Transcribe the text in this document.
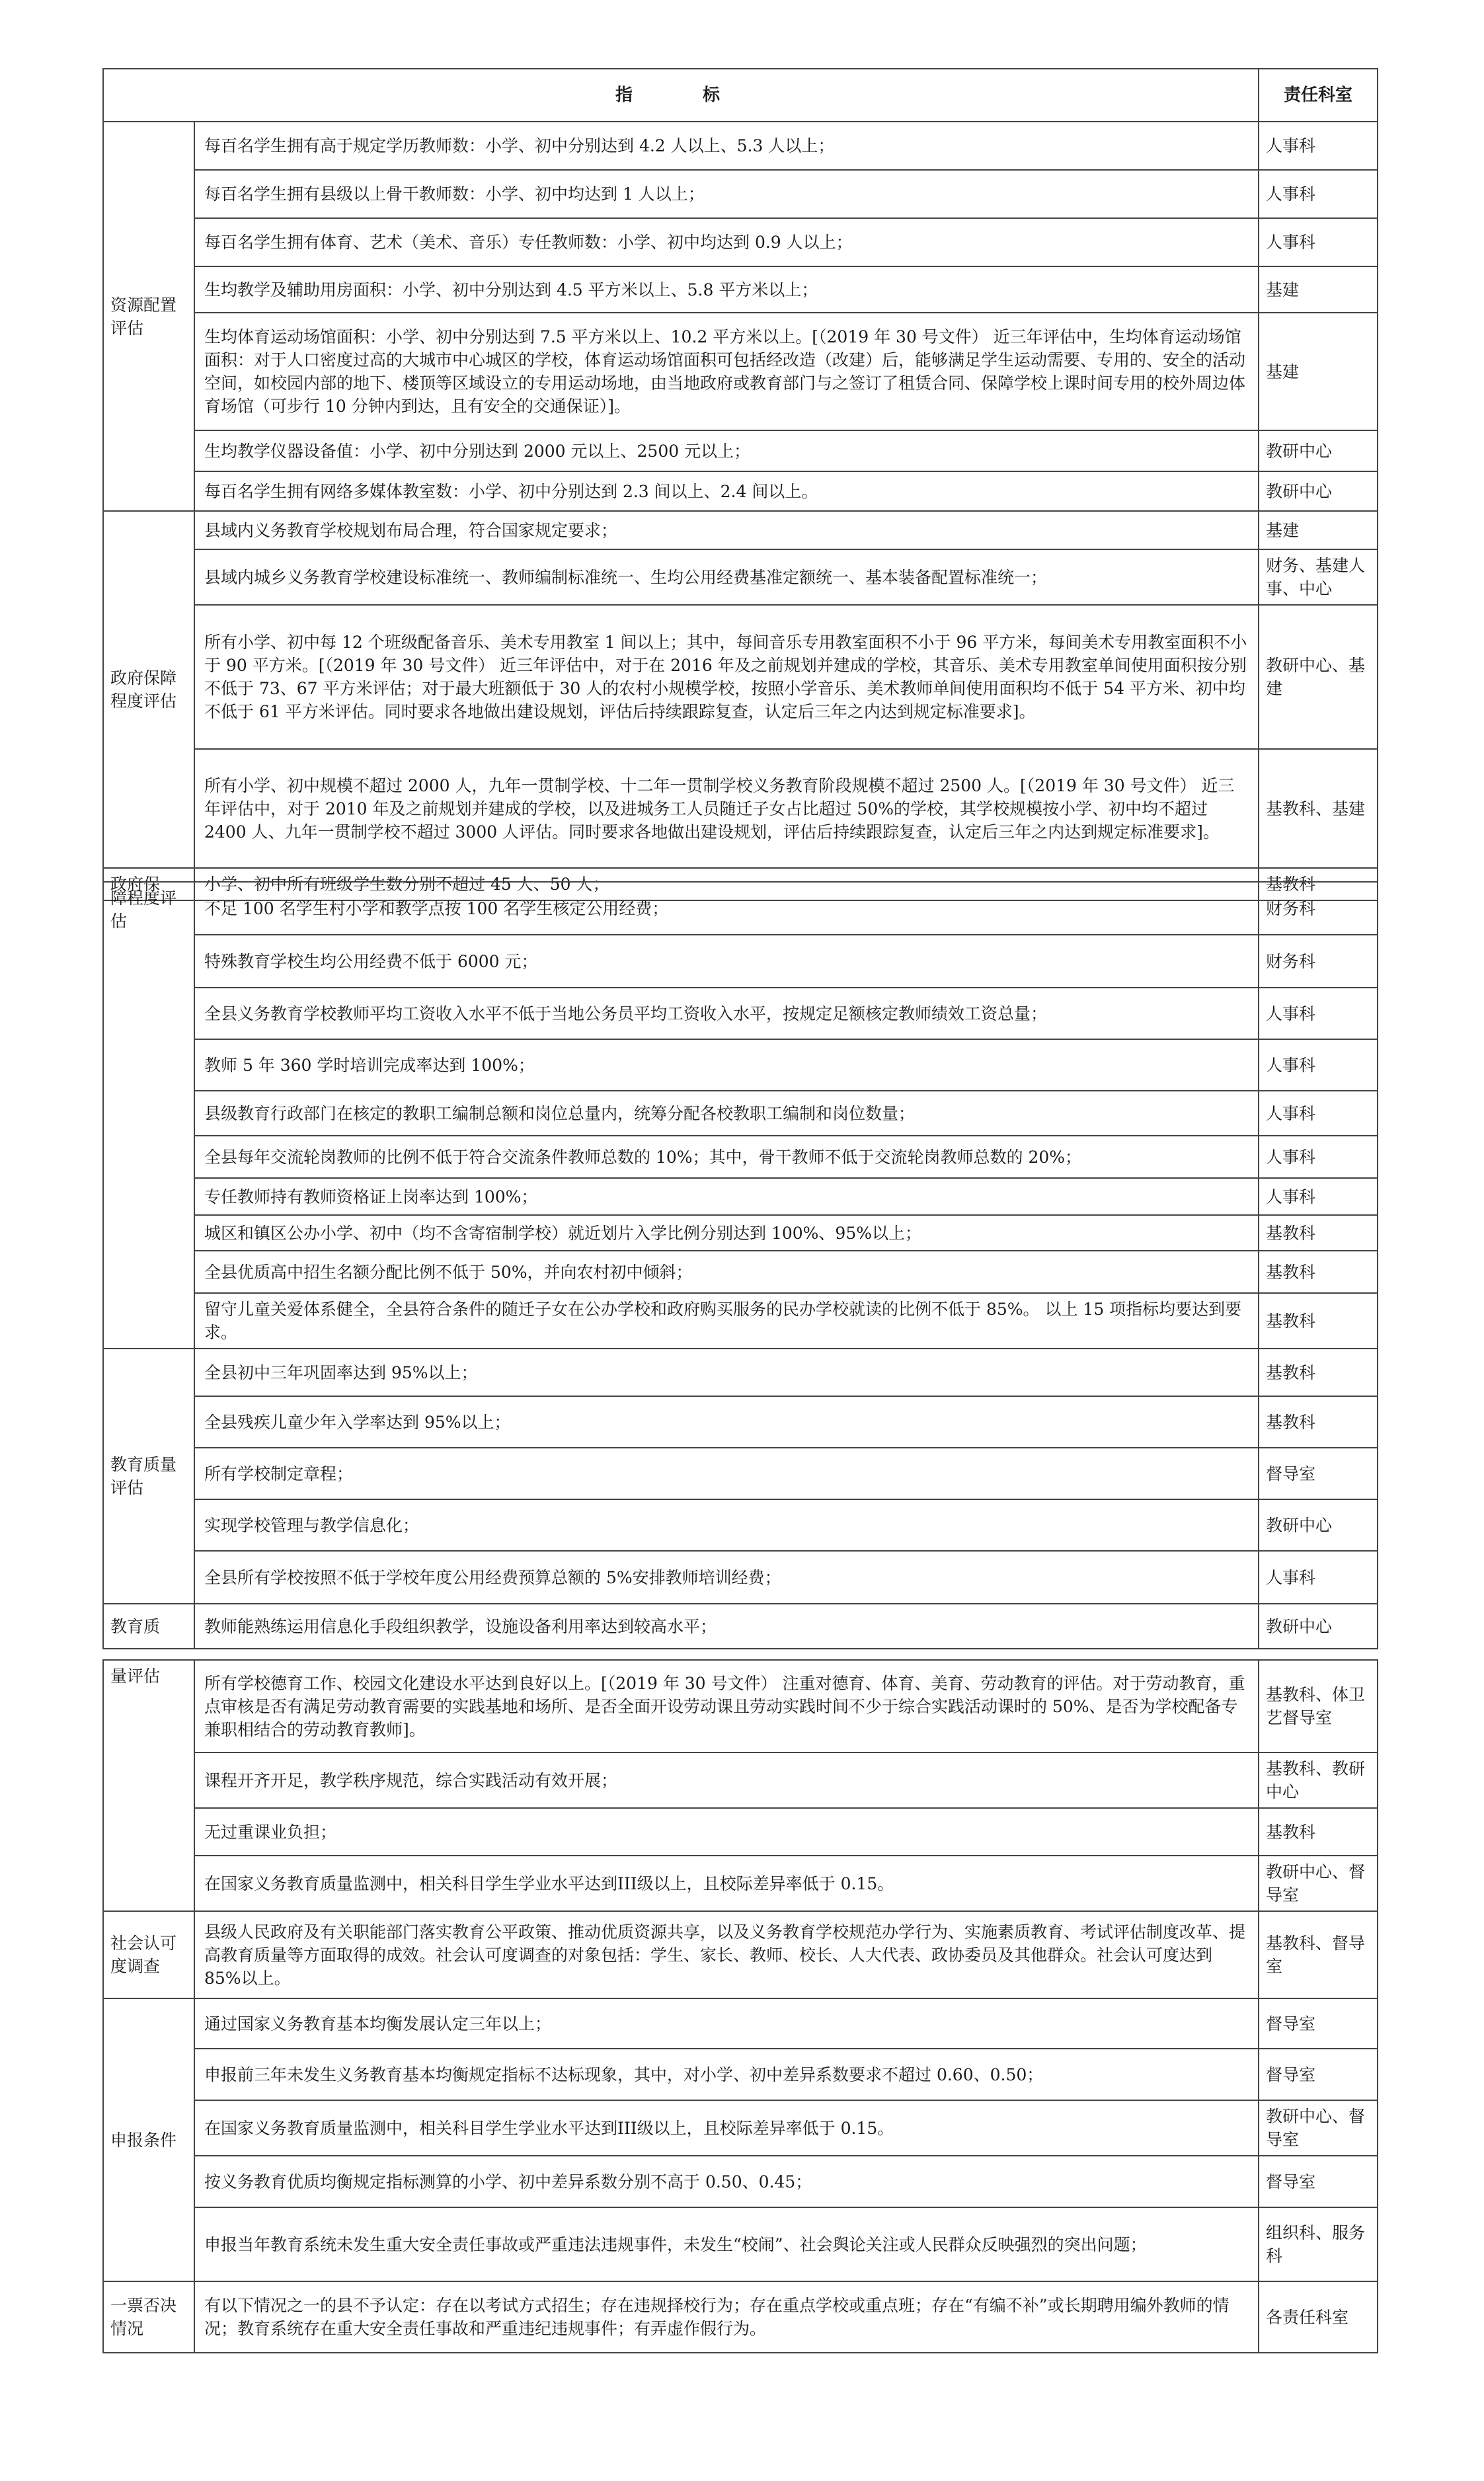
指　标		责任科室
资源配置评估	每百名学生拥有高于规定学历教师数：小学、初中分别达到 4.2 人以上、5.3 人以上；	人事科
	每百名学生拥有县级以上骨干教师数：小学、初中均达到 1 人以上；	人事科
	每百名学生拥有体育、艺术（美术、音乐）专任教师数：小学、初中均达到 0.9 人以上；	人事科
	生均教学及辅助用房面积：小学、初中分别达到 4.5 平方米以上、5.8 平方米以上；	基建
	生均体育运动场馆面积：小学、初中分别达到 7.5 平方米以上、10.2 平方米以上。[（2019 年 30 号文件） 近三年评估中，生均体育运动场馆面积：对于人口密度过高的大城市中心城区的学校，体育运动场馆面积可包括经改造（改建）后，能够满足学生运动需要、专用的、安全的活动空间，如校园内部的地下、楼顶等区域设立的专用运动场地，由当地政府或教育部门与之签订了租赁合同、保障学校上课时间专用的校外周边体育场馆（可步行 10 分钟内到达，且有安全的交通保证）]。	基建
	生均教学仪器设备值：小学、初中分别达到 2000 元以上、2500 元以上；	教研中心
	每百名学生拥有网络多媒体教室数：小学、初中分别达到 2.3 间以上、2.4 间以上。	教研中心
政府保障程度评估	县域内义务教育学校规划布局合理，符合国家规定要求；	基建
	县域内城乡义务教育学校建设标准统一、教师编制标准统一、生均公用经费基准定额统一、基本装备配置标准统一；	财务、基建人事、中心
	所有小学、初中每 12 个班级配备音乐、美术专用教室 1 间以上；其中，每间音乐专用教室面积不小于 96 平方米，每间美术专用教室面积不小于 90 平方米。[（2019 年 30 号文件） 近三年评估中，对于在 2016 年及之前规划并建成的学校，其音乐、美术专用教室单间使用面积按分别不低于 73、67 平方米评估；对于最大班额低于 30 人的农村小规模学校，按照小学音乐、美术教师单间使用面积均不低于 54 平方米、初中均不低于 61 平方米评估。同时要求各地做出建设规划，评估后持续跟踪复查，认定后三年之内达到规定标准要求]。	教研中心、基建
	所有小学、初中规模不超过 2000 人，九年一贯制学校、十二年一贯制学校义务教育阶段规模不超过 2500 人。[（2019 年 30 号文件） 近三年评估中，对于 2010 年及之前规划并建成的学校，以及进城务工人员随迁子女占比超过 50%的学校，其学校规模按小学、初中均不超过 2400 人、九年一贯制学校不超过 3000 人评估。同时要求各地做出建设规划，评估后持续跟踪复查，认定后三年之内达到规定标准要求]。	基教科、基建
政府保	小学、初中所有班级学生数分别不超过 45 人、50 人；	基教科
障程度评估	不足 100 名学生村小学和教学点按 100 名学生核定公用经费；	财务科
	特殊教育学校生均公用经费不低于 6000 元；	财务科
	全县义务教育学校教师平均工资收入水平不低于当地公务员平均工资收入水平，按规定足额核定教师绩效工资总量；	人事科
	教师 5 年 360 学时培训完成率达到 100%；	人事科
	县级教育行政部门在核定的教职工编制总额和岗位总量内，统筹分配各校教职工编制和岗位数量；	人事科
	全县每年交流轮岗教师的比例不低于符合交流条件教师总数的 10%；其中，骨干教师不低于交流轮岗教师总数的 20%；	人事科
	专任教师持有教师资格证上岗率达到 100%；	人事科
	城区和镇区公办小学、初中（均不含寄宿制学校）就近划片入学比例分别达到 100%、95%以上；	基教科
	全县优质高中招生名额分配比例不低于 50%，并向农村初中倾斜；	基教科
	留守儿童关爱体系健全，全县符合条件的随迁子女在公办学校和政府购买服务的民办学校就读的比例不低于 85%。 以上 15 项指标均要达到要求。	基教科
教育质量评估	全县初中三年巩固率达到 95%以上；	基教科
	全县残疾儿童少年入学率达到 95%以上；	基教科
	所有学校制定章程；	督导室
	实现学校管理与教学信息化；	教研中心
	全县所有学校按照不低于学校年度公用经费预算总额的 5%安排教师培训经费；	人事科
教育质	教师能熟练运用信息化手段组织教学，设施设备利用率达到较高水平；	教研中心
量评估	所有学校德育工作、校园文化建设水平达到良好以上。[（2019 年 30 号文件） 注重对德育、体育、美育、劳动教育的评估。对于劳动教育，重点审核是否有满足劳动教育需要的实践基地和场所、是否全面开设劳动课且劳动实践时间不少于综合实践活动课时的 50%、是否为学校配备专兼职相结合的劳动教育教师]。	基教科、体卫艺督导室
	课程开齐开足，教学秩序规范，综合实践活动有效开展；	基教科、教研中心
	无过重课业负担；	基教科
	在国家义务教育质量监测中，相关科目学生学业水平达到III级以上，且校际差异率低于 0.15。	教研中心、督导室
社会认可度调查	县级人民政府及有关职能部门落实教育公平政策、推动优质资源共享，以及义务教育学校规范办学行为、实施素质教育、考试评估制度改革、提高教育质量等方面取得的成效。社会认可度调查的对象包括：学生、家长、教师、校长、人大代表、政协委员及其他群众。社会认可度达到 85%以上。	基教科、督导室
申报条件	通过国家义务教育基本均衡发展认定三年以上；	督导室
	申报前三年未发生义务教育基本均衡规定指标不达标现象，其中，对小学、初中差异系数要求不超过 0.60、0.50；	督导室
	在国家义务教育质量监测中，相关科目学生学业水平达到III级以上，且校际差异率低于 0.15。	教研中心、督导室
	按义务教育优质均衡规定指标测算的小学、初中差异系数分别不高于 0.50、0.45；	督导室
	申报当年教育系统未发生重大安全责任事故或严重违法违规事件，未发生“校闹”、社会舆论关注或人民群众反映强烈的突出问题；	组织科、服务科
一票否决情况	有以下情况之一的县不予认定：存在以考试方式招生；存在违规择校行为；存在重点学校或重点班；存在“有编不补”或长期聘用编外教师的情况；教育系统存在重大安全责任事故和严重违纪违规事件；有弄虚作假行为。	各责任科室
